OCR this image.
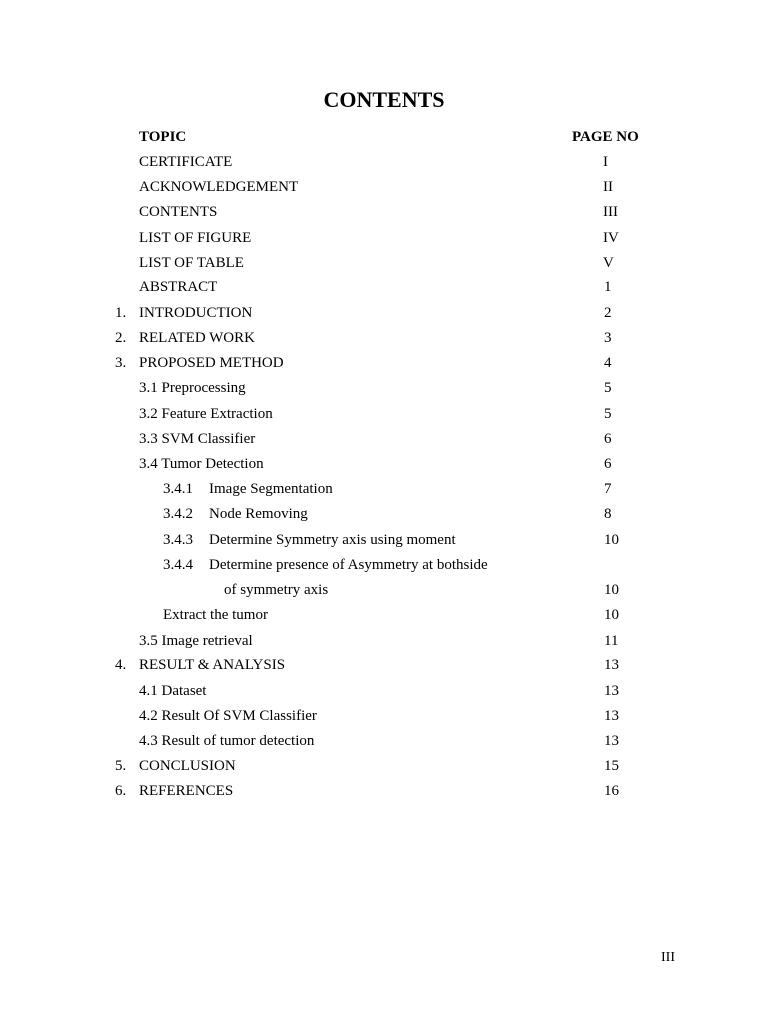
CONTENTS
TOPIC	PAGE NO
CERTIFICATE	I
ACKNOWLEDGEMENT	II
CONTENTS	III
LIST OF FIGURE	IV
LIST OF TABLE	V
ABSTRACT	1
1. INTRODUCTION	2
2. RELATED WORK	3
3. PROPOSED METHOD	4
3.1 Preprocessing	5
3.2 Feature Extraction	5
3.3 SVM Classifier	6
3.4 Tumor Detection	6
3.4.1 Image Segmentation	7
3.4.2 Node Removing	8
3.4.3 Determine Symmetry axis using moment	10
3.4.4 Determine presence of Asymmetry at bothside
of symmetry axis	10
Extract the tumor	10
3.5 Image retrieval	11
4. RESULT & ANALYSIS	13
4.1 Dataset	13
4.2 Result Of SVM Classifier	13
4.3 Result of tumor detection	13
5. CONCLUSION	15
6. REFERENCES	16
III
